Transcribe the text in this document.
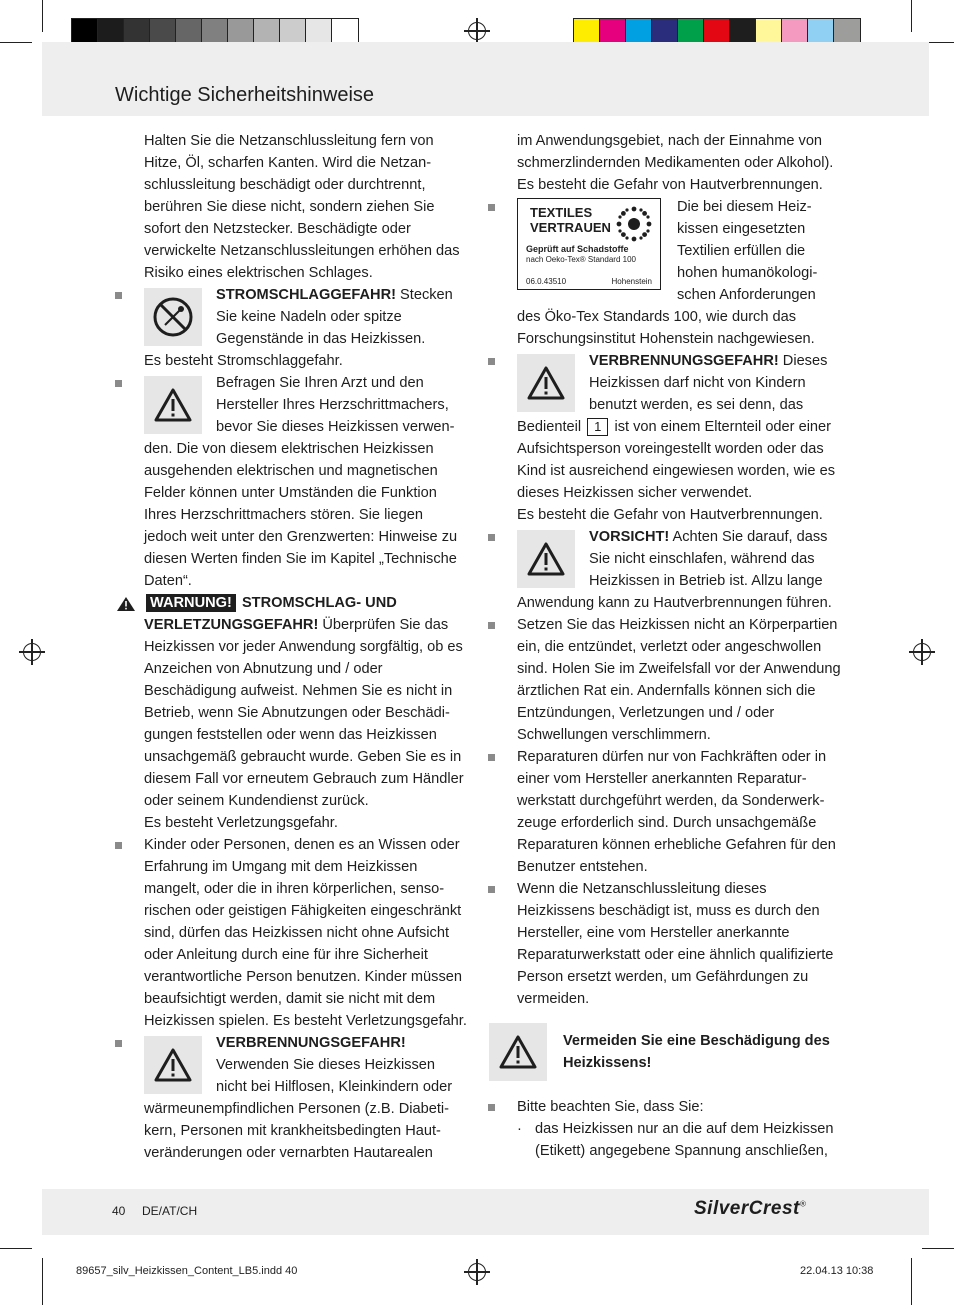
Wichtige Sicherheitshinweise

Halten Sie die Netzanschlussleitung fern von Hitze, Öl, scharfen Kanten. Wird die Netzanschlussleitung beschädigt oder durchtrennt, berühren Sie diese nicht, sondern ziehen Sie sofort den Netzstecker. Beschädigte oder verwickelte Netzanschlussleitungen erhöhen das Risiko eines elektrischen Schlages.

STROMSCHLAGGEFAHR! Stecken Sie keine Nadeln oder spitze Gegenstände in das Heizkissen.

Es besteht Stromschlaggefahr.

Befragen Sie Ihren Arzt und den Hersteller Ihres Herzschrittmachers, bevor Sie dieses Heizkissen verwenden. Die von diesem elektrischen Heizkissen ausgehenden elektrischen und magnetischen Felder können unter Umständen die Funktion Ihres Herzschrittmachers stören. Sie liegen jedoch weit unter den Grenzwerten: Hinweise zu diesen Werten finden Sie im Kapitel „Technische Daten“.

WARNUNG! STROMSCHLAG- UND VERLETZUNGSGEFAHR! Überprüfen Sie das Heizkissen vor jeder Anwendung sorgfältig, ob es Anzeichen von Abnutzung und / oder Beschädigung aufweist. Nehmen Sie es nicht in Betrieb, wenn Sie Abnutzungen oder Beschädigungen feststellen oder wenn das Heizkissen unsachgemäß gebraucht wurde. Geben Sie es in diesem Fall vor erneutem Gebrauch zum Händler oder seinem Kundendienst zurück.

Es besteht Verletzungsgefahr.

Kinder oder Personen, denen es an Wissen oder Erfahrung im Umgang mit dem Heizkissen mangelt, oder die in ihren körperlichen, sensorischen oder geistigen Fähigkeiten eingeschränkt sind, dürfen das Heizkissen nicht ohne Aufsicht oder Anleitung durch eine für ihre Sicherheit verantwortliche Person benutzen. Kinder müssen beaufsichtigt werden, damit sie nicht mit dem Heizkissen spielen. Es besteht Verletzungsgefahr.

VERBRENNUNGSGEFAHR! Verwenden Sie dieses Heizkissen nicht bei Hilflosen, Kleinkindern oder wärmeunempfindlichen Personen (z.B. Diabetikern, Personen mit krankheitsbedingten Hautveränderungen oder vernarbten Hautarealen

im Anwendungsgebiet, nach der Einnahme von schmerzlindernden Medikamenten oder Alkohol). Es besteht die Gefahr von Hautverbrennungen.

TEXTILES
VERTRAUEN
Geprüft auf Schadstoffe
nach Oeko-Tex® Standard 100
06.0.43510	Hohenstein

Die bei diesem Heizkissen eingesetzten Textilien erfüllen die hohen humanökologischen Anforderungen des Öko-Tex Standards 100, wie durch das Forschungsinstitut Hohenstein nachgewiesen.

VERBRENNUNGSGEFAHR! Dieses Heizkissen darf nicht von Kindern benutzt werden, es sei denn, das Bedienteil 1 ist von einem Elternteil oder einer Aufsichtsperson voreingestellt worden oder das Kind ist ausreichend eingewiesen worden, wie es dieses Heizkissen sicher verwendet.

Es besteht die Gefahr von Hautverbrennungen.

VORSICHT! Achten Sie darauf, dass Sie nicht einschlafen, während das Heizkissen in Betrieb ist. Allzu lange Anwendung kann zu Hautverbrennungen führen.

Setzen Sie das Heizkissen nicht an Körperpartien ein, die entzündet, verletzt oder angeschwollen sind. Holen Sie im Zweifelsfall vor der Anwendung ärztlichen Rat ein. Andernfalls können sich die Entzündungen, Verletzungen und / oder Schwellungen verschlimmern.

Reparaturen dürfen nur von Fachkräften oder in einer vom Hersteller anerkannten Reparaturwerkstatt durchgeführt werden, da Sonderwerkzeuge erforderlich sind. Durch unsachgemäße Reparaturen können erhebliche Gefahren für den Benutzer entstehen.

Wenn die Netzanschlussleitung dieses Heizkissens beschädigt ist, muss es durch den Hersteller, eine vom Hersteller anerkannte Reparaturwerkstatt oder eine ähnlich qualifizierte Person ersetzt werden, um Gefährdungen zu vermeiden.

Vermeiden Sie eine Beschädigung des Heizkissens!

Bitte beachten Sie, dass Sie:

· das Heizkissen nur an die auf dem Heizkissen (Etikett) angegebene Spannung anschließen,

40 DE/AT/CH	SilverCrest®
89657_silv_Heizkissen_Content_LB5.indd 40	22.04.13 10:38
